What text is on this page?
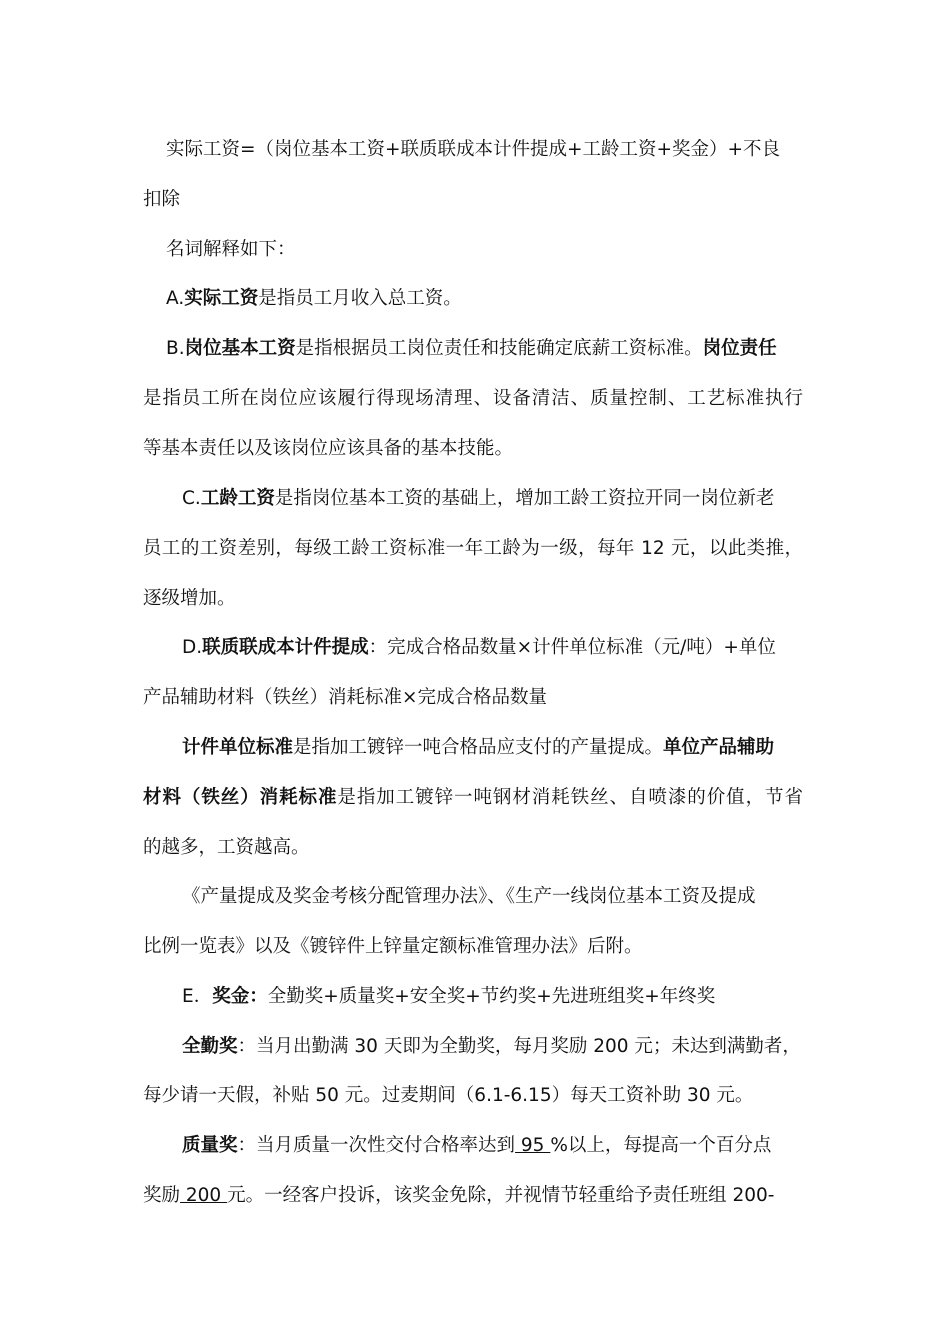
实际工资=（岗位基本工资+联质联成本计件提成+工龄工资+奖金）+不良
扣除
名词解释如下：
A.实际工资是指员工月收入总工资。
B.岗位基本工资是指根据员工岗位责任和技能确定底薪工资标准。岗位责任
是指员工所在岗位应该履行得现场清理、设备清洁、质量控制、工艺标准执行
等基本责任以及该岗位应该具备的基本技能。
C.工龄工资是指岗位基本工资的基础上，增加工龄工资拉开同一岗位新老
员工的工资差别，每级工龄工资标准一年工龄为一级，每年 12 元，以此类推，
逐级增加。
D.联质联成本计件提成：完成合格品数量×计件单位标准（元/吨）+单位
产品辅助材料（铁丝）消耗标准×完成合格品数量
计件单位标准是指加工镀锌一吨合格品应支付的产量提成。单位产品辅助
材料（铁丝）消耗标准是指加工镀锌一吨钢材消耗铁丝、自喷漆的价值，节省
的越多，工资越高。
《产量提成及奖金考核分配管理办法》、《生产一线岗位基本工资及提成
比例一览表》以及《镀锌件上锌量定额标准管理办法》后附。
E．奖金：全勤奖+质量奖+安全奖+节约奖+先进班组奖+年终奖
全勤奖：当月出勤满 30 天即为全勤奖，每月奖励 200 元；未达到满勤者，
每少请一天假，补贴 50 元。过麦期间（6.1-6.15）每天工资补助 30 元。
质量奖：当月质量一次性交付合格率达到 95 %以上，每提高一个百分点
奖励 200 元。一经客户投诉，该奖金免除，并视情节轻重给予责任班组 200-
